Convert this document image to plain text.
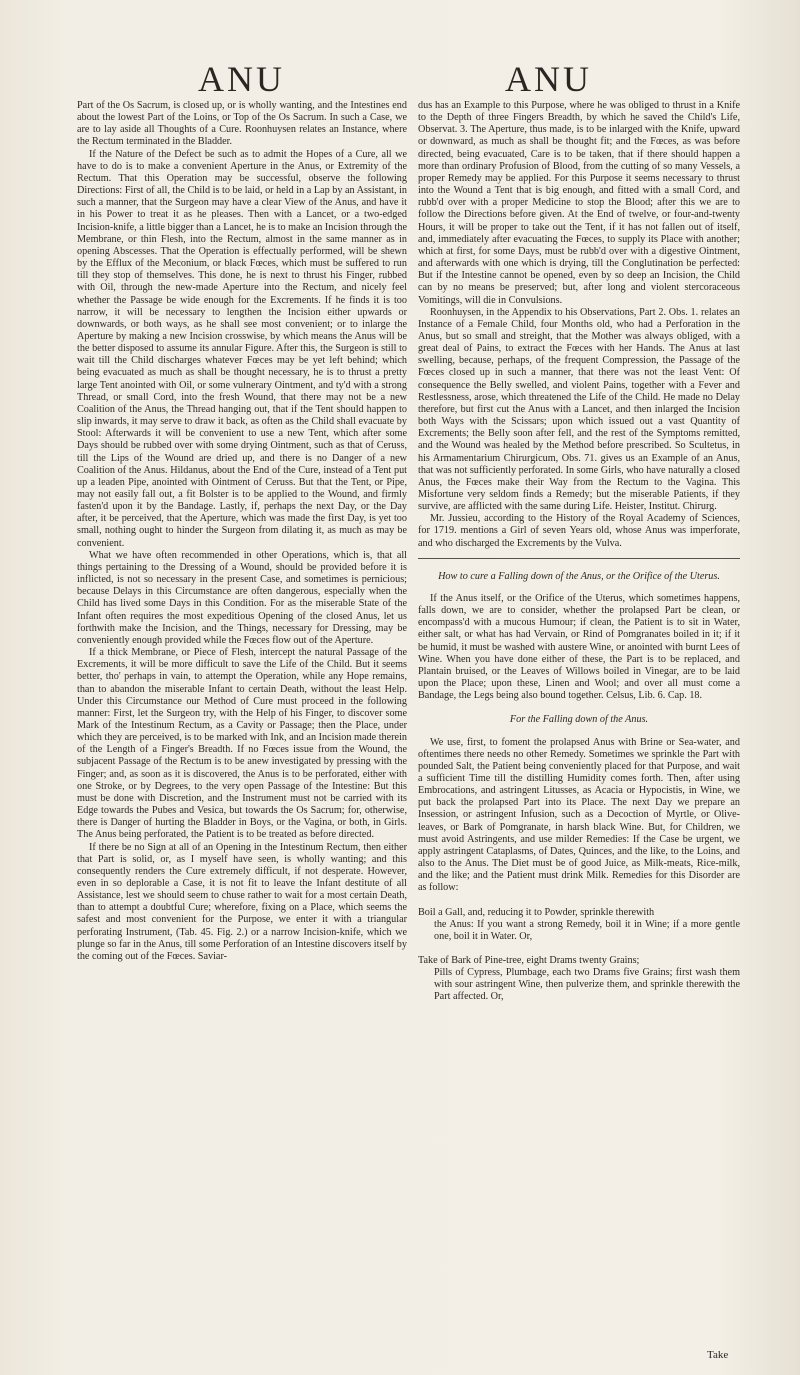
ANU	ANU

Part of the Os Sacrum, is closed up, or is wholly wanting, and the Intestines end about the lowest Part of the Loins, or Top of the Os Sacrum. In such a Case, we are to lay aside all Thoughts of a Cure. Roonhuysen relates an Instance, where the Rectum terminated in the Bladder.

If the Nature of the Defect be such as to admit the Hopes of a Cure, all we have to do is to make a convenient Aperture in the Anus, or Extremity of the Rectum. That this Operation may be successful, observe the following Directions: First of all, the Child is to be laid, or held in a Lap by an Assistant, in such a manner, that the Surgeon may have a clear View of the Anus, and have it in his Power to treat it as he pleases. Then with a Lancet, or a two-edged Incision-knife, a little bigger than a Lancet, he is to make an Incision through the Membrane, or thin Flesh, into the Rectum, almost in the same manner as in opening Abscesses. That the Operation is effectually performed, will be shewn by the Efflux of the Meconium, or black Fœces, which must be suffered to run till they stop of themselves. This done, he is next to thrust his Finger, rubbed with Oil, through the new-made Aperture into the Rectum, and nicely feel whether the Passage be wide enough for the Excrements. If he finds it is too narrow, it will be necessary to lengthen the Incision either upwards or downwards, or both ways, as he shall see most convenient; or to inlarge the Aperture by making a new Incision crosswise, by which means the Anus will be the better disposed to assume its annular Figure. After this, the Surgeon is still to wait till the Child discharges whatever Fœces may be yet left behind; which being evacuated as much as shall be thought necessary, he is to thrust a pretty large Tent anointed with Oil, or some vulnerary Ointment, and ty'd with a strong Thread, or small Cord, into the fresh Wound, that there may not be a new Coalition of the Anus, the Thread hanging out, that if the Tent should happen to slip inwards, it may serve to draw it back, as often as the Child shall evacuate by Stool: Afterwards it will be convenient to use a new Tent, which after some Days should be rubbed over with some drying Ointment, such as that of Ceruss, till the Lips of the Wound are dried up, and there is no Danger of a new Coalition of the Anus. Hildanus, about the End of the Cure, instead of a Tent put up a leaden Pipe, anointed with Ointment of Ceruss. But that the Tent, or Pipe, may not easily fall out, a fit Bolster is to be applied to the Wound, and firmly fasten'd upon it by the Bandage. Lastly, if, perhaps the next Day, or the Day after, it be perceived, that the Aperture, which was made the first Day, is yet too small, nothing ought to hinder the Surgeon from dilating it, as much as may be convenient.

What we have often recommended in other Operations, which is, that all things pertaining to the Dressing of a Wound, should be provided before it is inflicted, is not so necessary in the present Case, and sometimes is pernicious; because Delays in this Circumstance are often dangerous, especially when the Child has lived some Days in this Condition. For as the miserable State of the Infant often requires the most expeditious Opening of the closed Anus, let us forthwith make the Incision, and the Things, necessary for Dressing, may be conveniently enough provided while the Fœces flow out of the Aperture.

If a thick Membrane, or Piece of Flesh, intercept the natural Passage of the Excrements, it will be more difficult to save the Life of the Child. But it seems better, tho' perhaps in vain, to attempt the Operation, while any Hope remains, than to abandon the miserable Infant to certain Death, without the least Help. Under this Circumstance our Method of Cure must proceed in the following manner: First, let the Surgeon try, with the Help of his Finger, to discover some Mark of the Intestinum Rectum, as a Cavity or Passage; then the Place, under which they are perceived, is to be marked with Ink, and an Incision made therein of the Length of a Finger's Breadth. If no Fœces issue from the Wound, the subjacent Passage of the Rectum is to be anew investigated by pressing with the Finger; and, as soon as it is discovered, the Anus is to be perforated, either with one Stroke, or by Degrees, to the very open Passage of the Intestine: But this must be done with Discretion, and the Instrument must not be carried with its Edge towards the Pubes and Vesica, but towards the Os Sacrum; for, otherwise, there is Danger of hurting the Bladder in Boys, or the Vagina, or both, in Girls. The Anus being perforated, the Patient is to be treated as before directed.

If there be no Sign at all of an Opening in the Intestinum Rectum, then either that Part is solid, or, as I myself have seen, is wholly wanting; and this consequently renders the Cure extremely difficult, if not desperate. However, even in so deplorable a Case, it is not fit to leave the Infant destitute of all Assistance, lest we should seem to chuse rather to wait for a most certain Death, than to attempt a doubtful Cure; wherefore, fixing on a Place, which seems the safest and most convenient for the Purpose, we enter it with a triangular perforating Instrument, (Tab. 45. Fig. 2.) or a narrow Incision-knife, which we plunge so far in the Anus, till some Perforation of an Intestine discovers itself by the coming out of the Fœces. Saviar-

dus has an Example to this Purpose, where he was obliged to thrust in a Knife to the Depth of three Fingers Breadth, by which he saved the Child's Life, Observat. 3. The Aperture, thus made, is to be inlarged with the Knife, upward or downward, as much as shall be thought fit; and the Fœces, as was before directed, being evacuated, Care is to be taken, that if there should happen a more than ordinary Profusion of Blood, from the cutting of so many Vessels, a proper Remedy may be applied. For this Purpose it seems necessary to thrust into the Wound a Tent that is big enough, and fitted with a small Cord, and rubb'd over with a proper Medicine to stop the Blood; after this we are to follow the Directions before given. At the End of twelve, or four-and-twenty Hours, it will be proper to take out the Tent, if it has not fallen out of itself, and, immediately after evacuating the Fœces, to supply its Place with another; which at first, for some Days, must be rubb'd over with a digestive Ointment, and afterwards with one which is drying, till the Conglutination be perfected: But if the Intestine cannot be opened, even by so deep an Incision, the Child can by no means be preserved; but, after long and violent stercoraceous Vomitings, will die in Convulsions.

Roonhuysen, in the Appendix to his Observations, Part 2. Obs. 1. relates an Instance of a Female Child, four Months old, who had a Perforation in the Anus, but so small and streight, that the Mother was always obliged, with a great deal of Pains, to extract the Fœces with her Hands. The Anus at last swelling, because, perhaps, of the frequent Compression, the Passage of the Fœces closed up in such a manner, that there was not the least Vent: Of consequence the Belly swelled, and violent Pains, together with a Fever and Restlessness, arose, which threatened the Life of the Child. He made no Delay therefore, but first cut the Anus with a Lancet, and then inlarged the Incision both Ways with the Scissars; upon which issued out a vast Quantity of Excrements; the Belly soon after fell, and the rest of the Symptoms remitted, and the Wound was healed by the Method before prescribed. So Scultetus, in his Armamentarium Chirurgicum, Obs. 71. gives us an Example of an Anus, that was not sufficiently perforated. In some Girls, who have naturally a closed Anus, the Fœces make their Way from the Rectum to the Vagina. This Misfortune very seldom finds a Remedy; but the miserable Patients, if they survive, are afflicted with the same during Life. Heister, Institut. Chirurg.

Mr. Jussieu, according to the History of the Royal Academy of Sciences, for 1719. mentions a Girl of seven Years old, whose Anus was imperforate, and who discharged the Excrements by the Vulva.

How to cure a Falling down of the Anus, or the Orifice of the Uterus.

If the Anus itself, or the Orifice of the Uterus, which sometimes happens, falls down, we are to consider, whether the prolapsed Part be clean, or encompass'd with a mucous Humour; if clean, the Patient is to sit in Water, either salt, or what has had Vervain, or Rind of Pomgranates boiled in it; if it be humid, it must be washed with austere Wine, or anointed with burnt Lees of Wine. When you have done either of these, the Part is to be replaced, and Plantain bruised, or the Leaves of Willows boiled in Vinegar, are to be laid upon the Place; upon these, Linen and Wool; and over all must come a Bandage, the Legs being also bound together. Celsus, Lib. 6. Cap. 18.

For the Falling down of the Anus.

We use, first, to foment the prolapsed Anus with Brine or Sea-water, and oftentimes there needs no other Remedy. Sometimes we sprinkle the Part with pounded Salt, the Patient being conveniently placed for that Purpose, and wait a sufficient Time till the distilling Humidity comes forth. Then, after using Embrocations, and astringent Litusses, as Acacia or Hypocistis, in Wine, we put back the prolapsed Part into its Place. The next Day we prepare an Insession, or astringent Infusion, such as a Decoction of Myrtle, or Olive-leaves, or Bark of Pomgranate, in harsh black Wine. But, for Children, we must avoid Astringents, and use milder Remedies: If the Case be urgent, we apply astringent Cataplasms, of Dates, Quinces, and the like, to the Loins, and also to the Anus. The Diet must be of good Juice, as Milk-meats, Rice-milk, and the like; and the Patient must drink Milk. Remedies for this Disorder are as follow:

Boil a Gall, and, reducing it to Powder, sprinkle therewith
the Anus: If you want a strong Remedy, boil it in Wine; if a more gentle one, boil it in Water. Or,

Take of Bark of Pine-tree, eight Drams twenty Grains;
Pills of Cypress, Plumbage, each two Drams five Grains; first wash them with sour astringent Wine, then pulverize them, and sprinkle therewith the Part affected. Or,

Take
